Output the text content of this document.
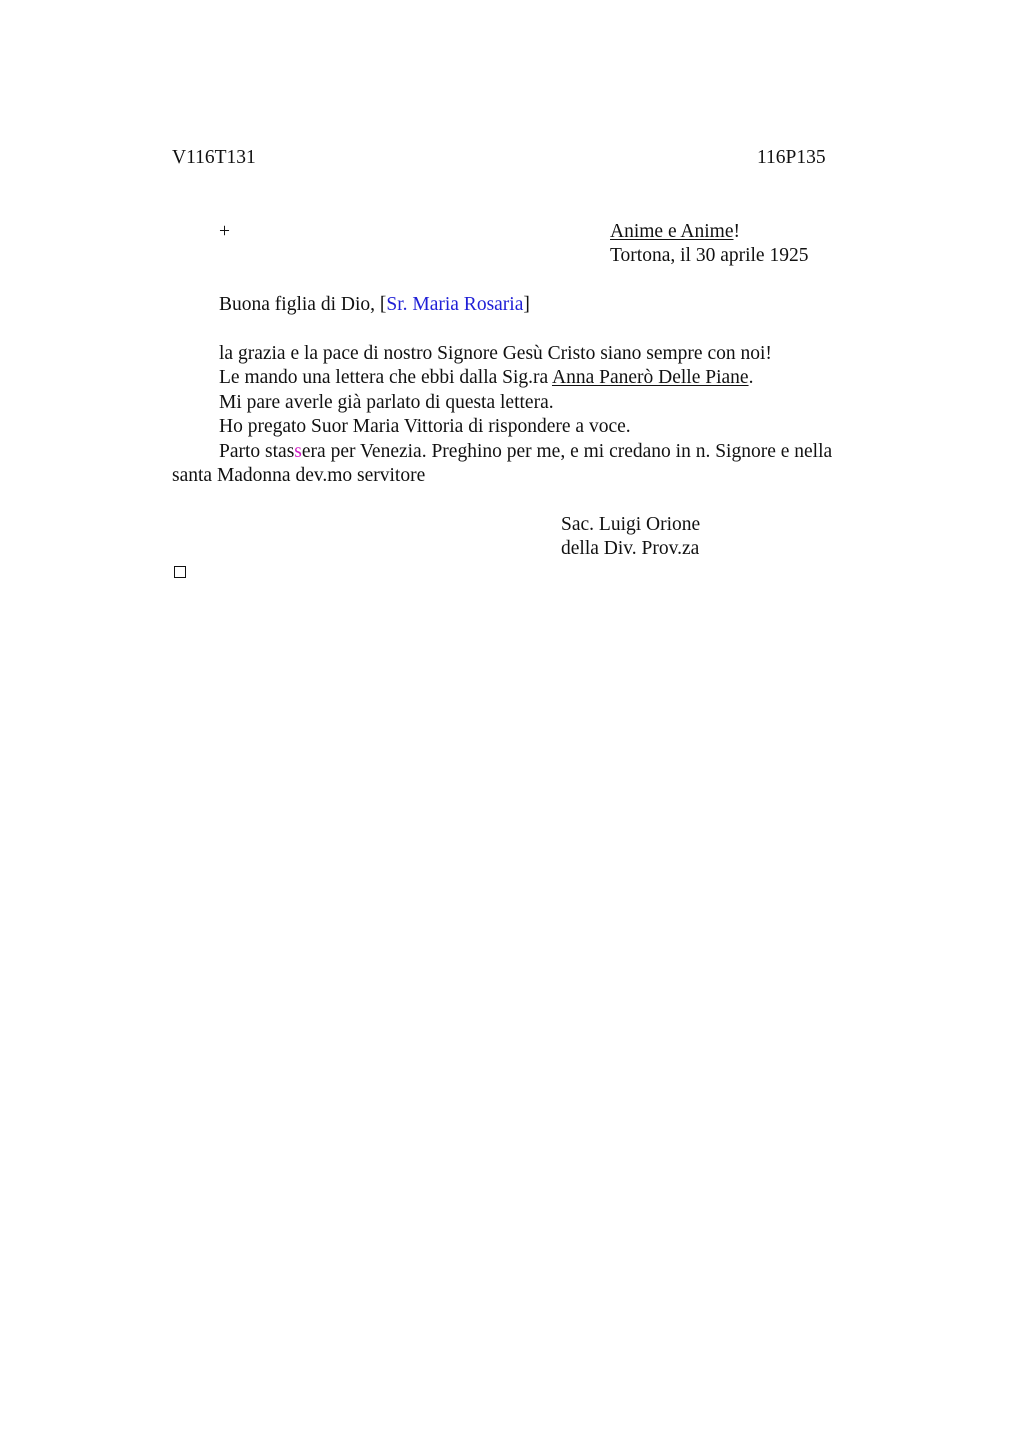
V116T131	116P135
+	Anime e Anime!
Tortona, il 30 aprile 1925
Buona figlia di Dio, [Sr. Maria Rosaria]
la grazia e la pace di nostro Signore Gesù Cristo siano sempre con noi!
Le mando una lettera che ebbi dalla Sig.ra Anna Panerò Delle Piane.
Mi pare averle già parlato di questa lettera.
Ho pregato Suor Maria Vittoria di rispondere a voce.
Parto stassera per Venezia. Preghino per me, e mi credano in n. Signore e nella
santa Madonna dev.mo servitore
Sac. Luigi Orione
della Div. Prov.za
